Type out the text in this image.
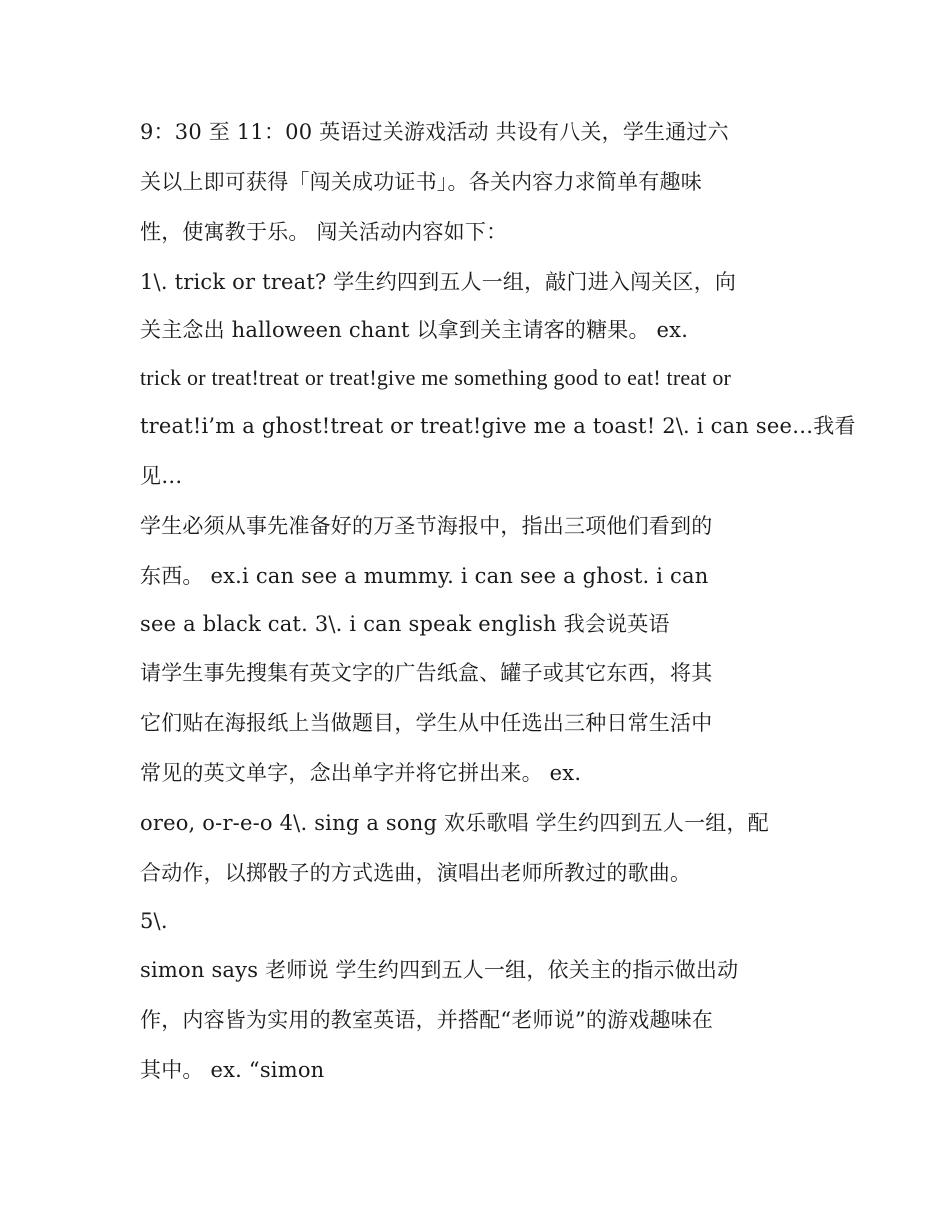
9：30 至 11：00 英语过关游戏活动 共设有八关，学生通过六
关以上即可获得「闯关成功证书」。各关内容力求简单有趣味
性，使寓教于乐。 闯关活动内容如下：
1\. trick or treat? 学生约四到五人一组，敲门进入闯关区，向
关主念出 halloween chant 以拿到关主请客的糖果。 ex.
trick or treat!treat or treat!give me something good to eat! treat or
treat!i’m a ghost!treat or treat!give me a toast! 2\. i can see…我看
见…
学生必须从事先准备好的万圣节海报中，指出三项他们看到的
东西。 ex.i can see a mummy. i can see a ghost. i can
see a black cat. 3\. i can speak english 我会说英语
请学生事先搜集有英文字的广告纸盒、罐子或其它东西，将其
它们贴在海报纸上当做题目，学生从中任选出三种日常生活中
常见的英文单字，念出单字并将它拼出来。 ex.
oreo, o-r-e-o 4\. sing a song 欢乐歌唱 学生约四到五人一组，配
合动作，以掷骰子的方式选曲，演唱出老师所教过的歌曲。
5\.
simon says 老师说 学生约四到五人一组，依关主的指示做出动
作，内容皆为实用的教室英语，并搭配“老师说”的游戏趣味在
其中。 ex. “simon
